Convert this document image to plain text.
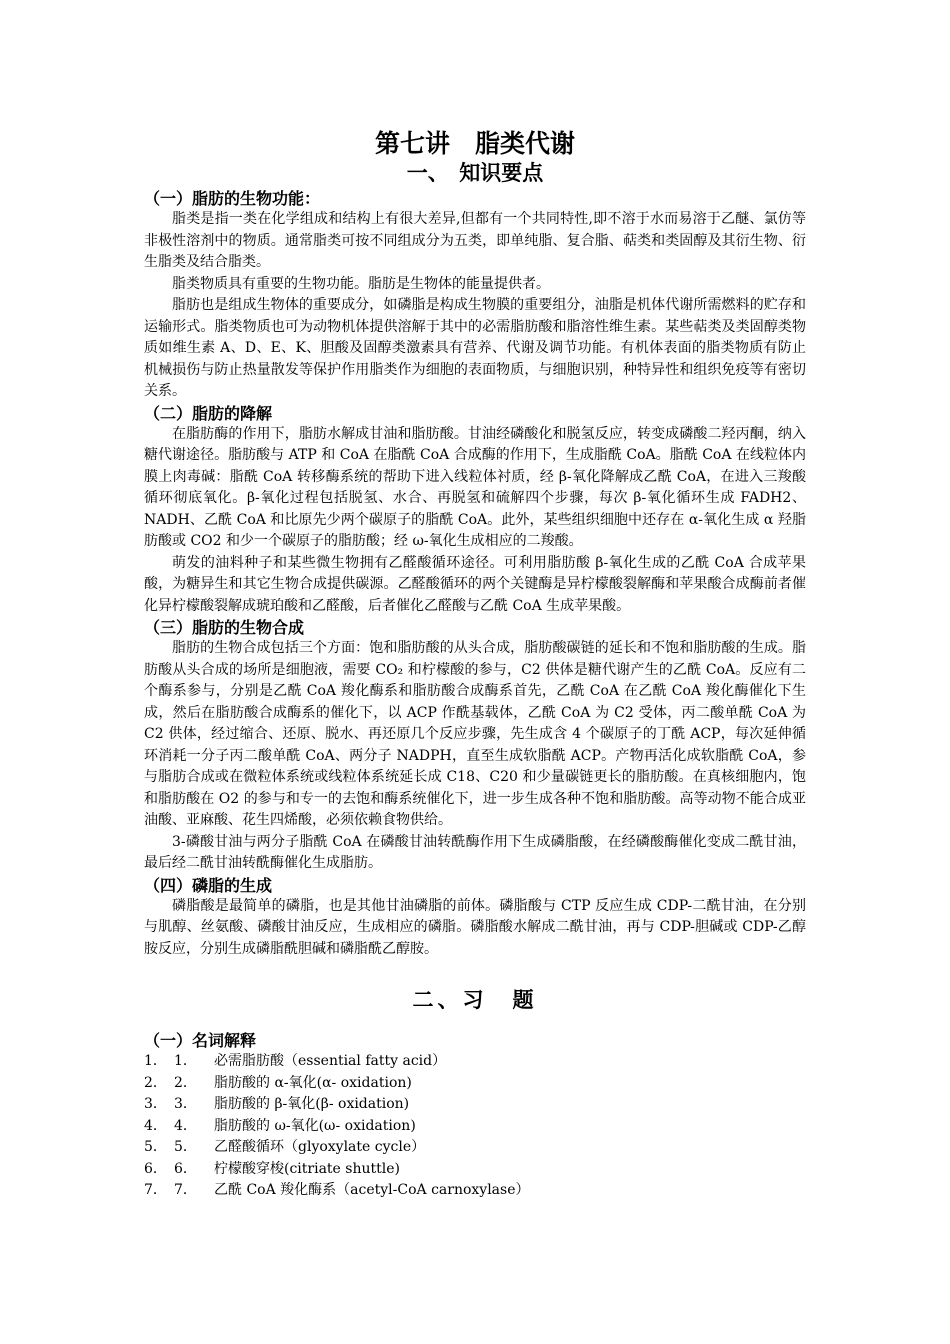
第七讲　脂类代谢
一、　知识要点
（一）脂肪的生物功能：

脂类是指一类在化学组成和结构上有很大差异,但都有一个共同特性,即不溶于水而易溶于乙醚、氯仿等非极性溶剂中的物质。通常脂类可按不同组成分为五类，即单纯脂、复合脂、萜类和类固醇及其衍生物、衍生脂类及结合脂类。

脂类物质具有重要的生物功能。脂肪是生物体的能量提供者。

脂肪也是组成生物体的重要成分，如磷脂是构成生物膜的重要组分，油脂是机体代谢所需燃料的贮存和运输形式。脂类物质也可为动物机体提供溶解于其中的必需脂肪酸和脂溶性维生素。某些萜类及类固醇类物质如维生素 A、D、E、K、胆酸及固醇类激素具有营养、代谢及调节功能。有机体表面的脂类物质有防止机械损伤与防止热量散发等保护作用脂类作为细胞的表面物质，与细胞识别，种特异性和组织免疫等有密切关系。

（二）脂肪的降解

在脂肪酶的作用下，脂肪水解成甘油和脂肪酸。甘油经磷酸化和脱氢反应，转变成磷酸二羟丙酮，纳入糖代谢途径。脂肪酸与 ATP 和 CoA 在脂酰 CoA 合成酶的作用下，生成脂酰 CoA。脂酰 CoA 在线粒体内膜上肉毒碱：脂酰 CoA 转移酶系统的帮助下进入线粒体衬质，经 β-氧化降解成乙酰 CoA，在进入三羧酸循环彻底氧化。β-氧化过程包括脱氢、水合、再脱氢和硫解四个步骤，每次 β-氧化循环生成 FADH2、NADH、乙酰 CoA 和比原先少两个碳原子的脂酰 CoA。此外，某些组织细胞中还存在 α-氧化生成 α 羟脂肪酸或 CO2 和少一个碳原子的脂肪酸；经 ω-氧化生成相应的二羧酸。

萌发的油料种子和某些微生物拥有乙醛酸循环途径。可利用脂肪酸 β-氧化生成的乙酰 CoA 合成苹果酸，为糖异生和其它生物合成提供碳源。乙醛酸循环的两个关键酶是异柠檬酸裂解酶和苹果酸合成酶前者催化异柠檬酸裂解成琥珀酸和乙醛酸，后者催化乙醛酸与乙酰 CoA 生成苹果酸。

（三）脂肪的生物合成

脂肪的生物合成包括三个方面：饱和脂肪酸的从头合成，脂肪酸碳链的延长和不饱和脂肪酸的生成。脂肪酸从头合成的场所是细胞液，需要 CO₂ 和柠檬酸的参与，C2 供体是糖代谢产生的乙酰 CoA。反应有二个酶系参与，分别是乙酰 CoA 羧化酶系和脂肪酸合成酶系首先，乙酰 CoA 在乙酰 CoA 羧化酶催化下生成，然后在脂肪酸合成酶系的催化下，以 ACP 作酰基载体，乙酰 CoA 为 C2 受体，丙二酸单酰 CoA 为 C2 供体，经过缩合、还原、脱水、再还原几个反应步骤，先生成含 4 个碳原子的丁酰 ACP，每次延伸循环消耗一分子丙二酸单酰 CoA、两分子 NADPH，直至生成软脂酰 ACP。产物再活化成软脂酰 CoA，参与脂肪合成或在微粒体系统或线粒体系统延长成 C18、C20 和少量碳链更长的脂肪酸。在真核细胞内，饱和脂肪酸在 O2 的参与和专一的去饱和酶系统催化下，进一步生成各种不饱和脂肪酸。高等动物不能合成亚油酸、亚麻酸、花生四烯酸，必须依赖食物供给。

3-磷酸甘油与两分子脂酰 CoA 在磷酸甘油转酰酶作用下生成磷脂酸，在经磷酸酶催化变成二酰甘油，最后经二酰甘油转酰酶催化生成脂肪。

（四）磷脂的生成

磷脂酸是最简单的磷脂，也是其他甘油磷脂的前体。磷脂酸与 CTP 反应生成 CDP-二酰甘油，在分别与肌醇、丝氨酸、磷酸甘油反应，生成相应的磷脂。磷脂酸水解成二酰甘油，再与 CDP-胆碱或 CDP-乙醇胺反应，分别生成磷脂酰胆碱和磷脂酰乙醇胺。

二、习　题
（一）名词解释
1． 1．	必需脂肪酸（essential fatty acid）
2． 2．	脂肪酸的 α-氧化(α- oxidation)
3． 3．	脂肪酸的 β-氧化(β- oxidation)
4． 4．	脂肪酸的 ω-氧化(ω- oxidation)
5． 5．	乙醛酸循环（glyoxylate cycle）
6． 6．	柠檬酸穿梭(citriate shuttle)
7． 7．	乙酰 CoA 羧化酶系（acetyl-CoA carnoxylase）
